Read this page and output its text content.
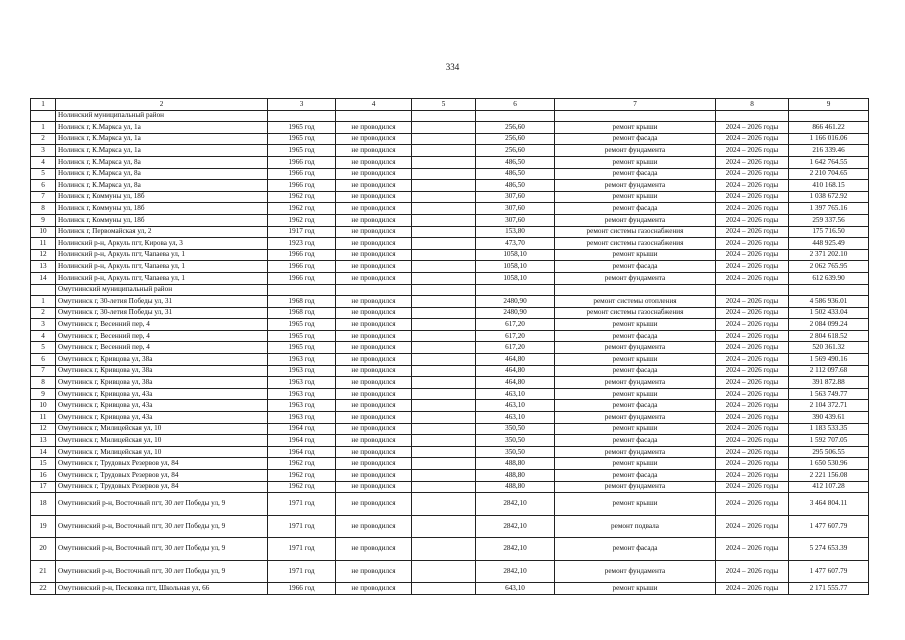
334
1	2	3	4	5	6	7	8	9
	Нолинский муниципальный район							
1	Нолинск г, К.Маркса ул, 1а	1965 год	не проводился		256,60	ремонт крыши	2024 – 2026 годы	866 461.22
2	Нолинск г, К.Маркса ул, 1а	1965 год	не проводился		256,60	ремонт фасада	2024 – 2026 годы	1 166 016.06
3	Нолинск г, К.Маркса ул, 1а	1965 год	не проводился		256,60	ремонт фундамента	2024 – 2026 годы	216 339.46
4	Нолинск г, К.Маркса ул, 8а	1966 год	не проводился		486,50	ремонт крыши	2024 – 2026 годы	1 642 764.55
5	Нолинск г, К.Маркса ул, 8а	1966 год	не проводился		486,50	ремонт фасада	2024 – 2026 годы	2 210 704.65
6	Нолинск г, К.Маркса ул, 8а	1966 год	не проводился		486,50	ремонт фундамента	2024 – 2026 годы	410 168.15
7	Нолинск г, Коммуны ул, 18б	1962 год	не проводился		307,60	ремонт крыши	2024 – 2026 годы	1 038 672.92
8	Нолинск г, Коммуны ул, 18б	1962 год	не проводился		307,60	ремонт фасада	2024 – 2026 годы	1 397 765.16
9	Нолинск г, Коммуны ул, 18б	1962 год	не проводился		307,60	ремонт фундамента	2024 – 2026 годы	259 337.56
10	Нолинск г, Первомайская ул, 2	1917 год	не проводился		153,80	ремонт системы газоснабжения	2024 – 2026 годы	175 716.50
11	Нолинский р-н, Аркуль пгт, Кирова ул, 3	1923 год	не проводился		473,70	ремонт системы газоснабжения	2024 – 2026 годы	448 925.49
12	Нолинский р-н, Аркуль пгт, Чапаева ул, 1	1966 год	не проводился		1058,10	ремонт крыши	2024 – 2026 годы	2 371 202.10
13	Нолинский р-н, Аркуль пгт, Чапаева ул, 1	1966 год	не проводился		1058,10	ремонт фасада	2024 – 2026 годы	2 062 765.95
14	Нолинский р-н, Аркуль пгт, Чапаева ул, 1	1966 год	не проводился		1058,10	ремонт фундамента	2024 – 2026 годы	612 639.90
	Омутнинский муниципальный район							
1	Омутнинск г, 30-летия Победы ул, 31	1968 год	не проводился		2480,90	ремонт системы отопления	2024 – 2026 годы	4 586 936.01
2	Омутнинск г, 30-летия Победы ул, 31	1968 год	не проводился		2480,90	ремонт системы газоснабжения	2024 – 2026 годы	1 502 433.04
3	Омутнинск г, Весенний пер, 4	1965 год	не проводился		617,20	ремонт крыши	2024 – 2026 годы	2 084 099.24
4	Омутнинск г, Весенний пер, 4	1965 год	не проводился		617,20	ремонт фасада	2024 – 2026 годы	2 804 618.52
5	Омутнинск г, Весенний пер, 4	1965 год	не проводился		617,20	ремонт фундамента	2024 – 2026 годы	520 361.32
6	Омутнинск г, Кривцова ул, 38а	1963 год	не проводился		464,80	ремонт крыши	2024 – 2026 годы	1 569 490.16
7	Омутнинск г, Кривцова ул, 38а	1963 год	не проводился		464,80	ремонт фасада	2024 – 2026 годы	2 112 097.68
8	Омутнинск г, Кривцова ул, 38а	1963 год	не проводился		464,80	ремонт фундамента	2024 – 2026 годы	391 872.88
9	Омутнинск г, Кривцова ул, 43а	1963 год	не проводился		463,10	ремонт крыши	2024 – 2026 годы	1 563 749.77
10	Омутнинск г, Кривцова ул, 43а	1963 год	не проводился		463,10	ремонт фасада	2024 – 2026 годы	2 104 372.71
11	Омутнинск г, Кривцова ул, 43а	1963 год	не проводился		463,10	ремонт фундамента	2024 – 2026 годы	390 439.61
12	Омутнинск г, Милицейская ул, 10	1964 год	не проводился		350,50	ремонт крыши	2024 – 2026 годы	1 183 533.35
13	Омутнинск г, Милицейская ул, 10	1964 год	не проводился		350,50	ремонт фасада	2024 – 2026 годы	1 592 707.05
14	Омутнинск г, Милицейская ул, 10	1964 год	не проводился		350,50	ремонт фундамента	2024 – 2026 годы	295 506.55
15	Омутнинск г, Трудовых Резервов ул, 84	1962 год	не проводился		488,80	ремонт крыши	2024 – 2026 годы	1 650 530.96
16	Омутнинск г, Трудовых Резервов ул, 84	1962 год	не проводился		488,80	ремонт фасада	2024 – 2026 годы	2 221 156.08
17	Омутнинск г, Трудовых Резервов ул, 84	1962 год	не проводился		488,80	ремонт фундамента	2024 – 2026 годы	412 107.28
18	Омутнинский р-н, Восточный пгт, 30 лет Победы ул, 9	1971 год	не проводился		2842,10	ремонт крыши	2024 – 2026 годы	3 464 804.11
19	Омутнинский р-н, Восточный пгт, 30 лет Победы ул, 9	1971 год	не проводился		2842,10	ремонт подвала	2024 – 2026 годы	1 477 607.79
20	Омутнинский р-н, Восточный пгт, 30 лет Победы ул, 9	1971 год	не проводился		2842,10	ремонт фасада	2024 – 2026 годы	5 274 653.39
21	Омутнинский р-н, Восточный пгт, 30 лет Победы ул, 9	1971 год	не проводился		2842,10	ремонт фундамента	2024 – 2026 годы	1 477 607.79
22	Омутнинский р-н, Песковка пгт, Школьная ул, 66	1966 год	не проводился		643,10	ремонт крыши	2024 – 2026 годы	2 171 555.77
